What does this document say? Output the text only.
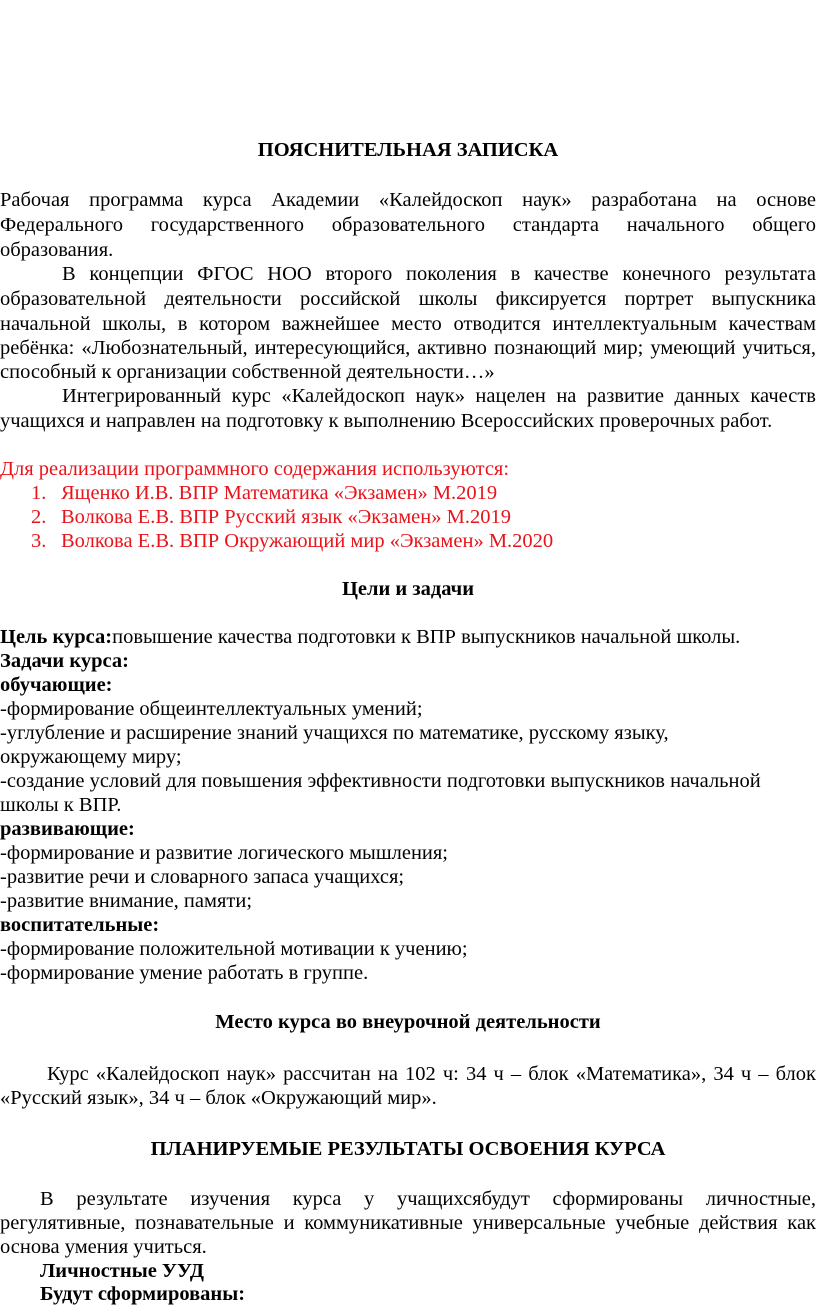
ПОЯСНИТЕЛЬНАЯ ЗАПИСКА
Рабочая программа курса Академии «Калейдоскоп наук» разработана на основе
Федерального государственного образовательного стандарта начального общего
образования.
В концепции ФГОС НОО второго поколения в качестве конечного результата
образовательной деятельности российской школы фиксируется портрет выпускника
начальной школы, в котором важнейшее место отводится интеллектуальным качествам
ребёнка: «Любознательный, интересующийся, активно познающий мир; умеющий учиться,
способный к организации собственной деятельности…»
Интегрированный курс «Калейдоскоп наук» нацелен на развитие данных качеств
учащихся и направлен на подготовку к выполнению Всероссийских проверочных работ.
Для реализации программного содержания используются:
1. Ященко И.В. ВПР Математика «Экзамен» М.2019
2. Волкова Е.В. ВПР Русский язык «Экзамен» М.2019
3. Волкова Е.В. ВПР Окружающий мир «Экзамен» М.2020
Цели и задачи
Цель курса:повышение качества подготовки к ВПР выпускников начальной школы.
Задачи курса:
обучающие:
-формирование общеинтеллектуальных умений;
-углубление и расширение знаний учащихся по математике, русскому языку,
окружающему миру;
-создание условий для повышения эффективности подготовки выпускников начальной
школы к ВПР.
развивающие:
-формирование и развитие логического мышления;
-развитие речи и словарного запаса учащихся;
-развитие внимание, памяти;
воспитательные:
-формирование положительной мотивации к учению;
-формирование умение работать в группе.
Место курса во внеурочной деятельности
Курс «Калейдоскоп наук» рассчитан на 102 ч: 34 ч – блок «Математика», 34 ч – блок
«Русский язык», 34 ч – блок «Окружающий мир».
ПЛАНИРУЕМЫЕ РЕЗУЛЬТАТЫ ОСВОЕНИЯ КУРСА
В результате изучения курса у учащихсябудут сформированы личностные,
регулятивные, познавательные и коммуникативные универсальные учебные действия как
основа умения учиться.
Личностные УУД
Будут сформированы:
